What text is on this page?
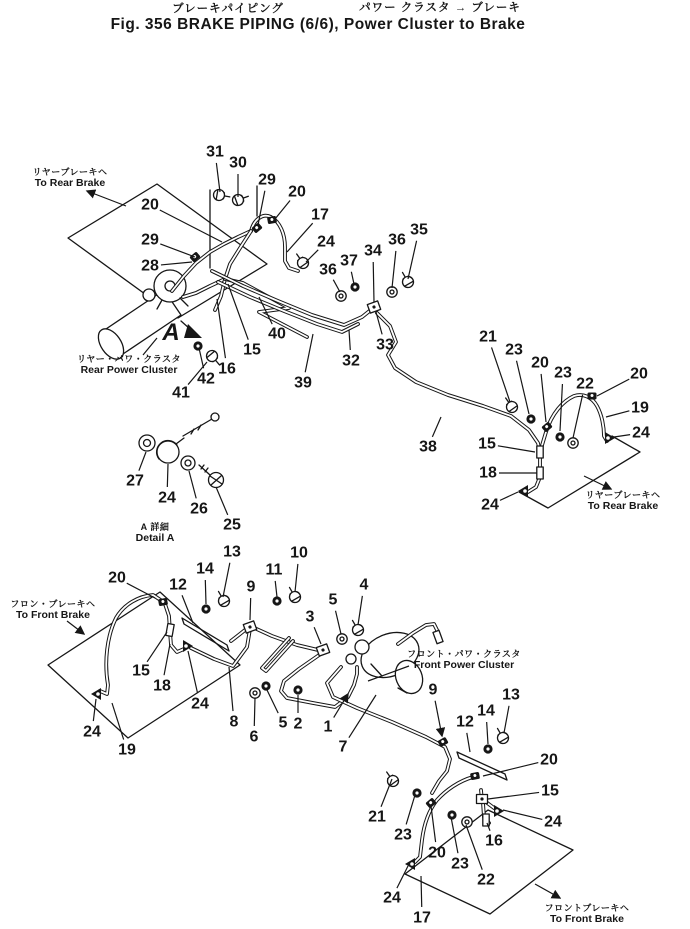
ブレーキパイピング	パワー クラスタ → ブレーキ
Fig. 356 BRAKE PIPING (6/6), Power Cluster to Brake
A
A 詳細
Detail A
31
30
29
20
17
24
20
29
28	36
37
34
36
35
40
15
16
42
41
39
32
33
38
21
23
20
23
22
20
19
24
15
18
24
27
24
26
25
20	12
14
13
9
11
10
5
3
4
15
18
24
24
19
8
6
5 2 1
7
9
12
14
13
20
15
24
21
23
20
23
22
16
24
17
リヤーブレーキヘ
To Rear Brake
リヤー・パワ・クラスタ
Rear Power Cluster
リヤーブレーキヘ
To Rear Brake
フロン・ブレーキヘ
To Front Brake
フロント・パワ・クラスタ
Front Power Cluster
フロントブレーキヘ
To Front Brake
